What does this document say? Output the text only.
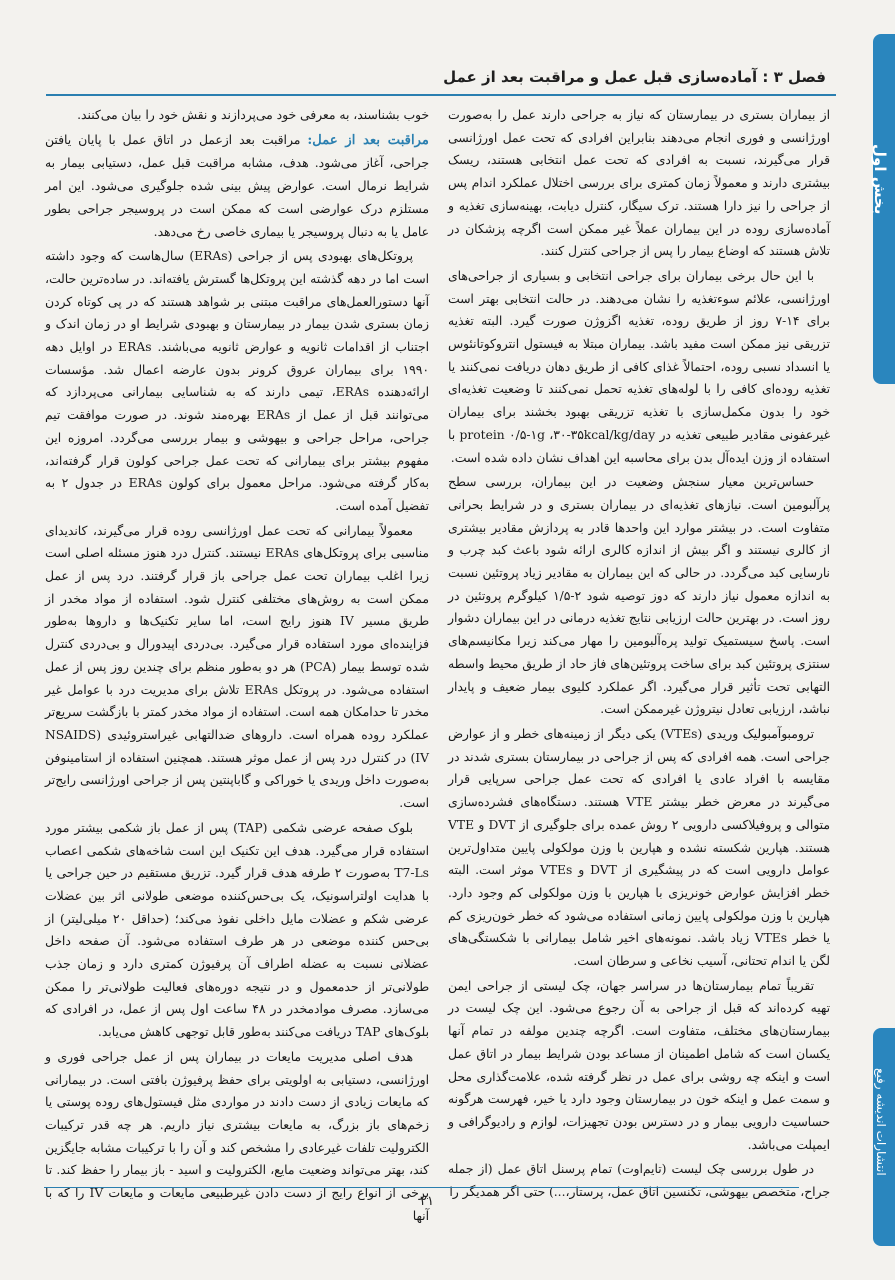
بخش اول
انتشارات اندیشه رفیع
فصل ۳ : آماده‌سازی قبل عمل و مراقبت بعد از عمل

از بیماران بستری در بیمارستان که نیاز به جراحی دارند عمل را به‌صورت اورژانسی و فوری انجام می‌دهند بنابراین افرادی که تحت عمل اورژانسی قرار می‌گیرند، نسبت به افرادی که تحت عمل انتخابی هستند، ریسک بیشتری دارند و معمولاً زمان کمتری برای بررسی اختلال عملکرد اندام پس از جراحی را نیز دارا هستند. ترک سیگار، کنترل دیابت، بهینه‌سازی تغذیه و آماده‌سازی روده در این بیماران عملاً غیر ممکن است اگرچه پزشکان در تلاش هستند که اوضاع بیمار را پس از جراحی کنترل کنند.

با این حال برخی بیماران برای جراحی انتخابی و بسیاری از جراحی‌های اورژانسی، علائم سوءتغذیه را نشان می‌دهند. در حالت انتخابی بهتر است برای ۱۴-۷ روز از طریق روده، تغذیه اگزوژن صورت گیرد. البته تغذیه تزریقی نیز ممکن است مفید باشد. بیماران مبتلا به فیستول انتروکوتانئوس یا انسداد نسبی روده، احتمالاً غذای کافی از طریق دهان دریافت نمی‌کنند یا تغذیه روده‌ای کافی را با لوله‌های تغذیه تحمل نمی‌کنند تا وضعیت تغذیه‌ای خود را بدون مکمل‌سازی با تغذیه تزریقی بهبود بخشند برای بیماران غیرعفونی مقادیر طبیعی تغذیه در protein ۰/۵-۱g ،۳۰-۳۵kcal/kg/day با استفاده از وزن ایده‌آل بدن برای محاسبه این اهداف نشان داده شده است.

حساس‌ترین معیار سنجش وضعیت در این بیماران، بررسی سطح پرآلبومین است. نیازهای تغذیه‌ای در بیماران بستری و در شرایط بحرانی متفاوت است. در بیشتر موارد این واحدها قادر به پردازش مقادیر بیشتری از کالری نیستند و اگر بیش از اندازه کالری ارائه شود باعث کبد چرب و نارسایی کبد می‌گردد. در حالی که این بیماران به مقادیر زیاد پروتئین نسبت به اندازه معمول نیاز دارند که دوز توصیه شود ۲-۱/۵ کیلوگرم پروتئین در روز است. در بهترین حالت ارزیابی نتایج تغذیه درمانی در این بیماران دشوار است. پاسخ سیستمیک تولید پره‌آلبومین را مهار می‌کند زیرا مکانیسم‌های سنتزی پروتئین کبد برای ساخت پروتئین‌های فاز حاد از طریق محیط واسطه التهابی تحت تأثیر قرار می‌گیرد. اگر عملکرد کلیوی بیمار ضعیف و پایدار نباشد، ارزیابی تعادل نیتروژن غیرممکن است.

ترومبوآمبولیک وریدی (VTEs) یکی دیگر از زمینه‌های خطر و از عوارض جراحی است. همه افرادی که پس از جراحی در بیمارستان بستری شدند در مقایسه با افراد عادی یا افرادی که تحت عمل جراحی سرپایی قرار می‌گیرند در معرض خطر بیشتر VTE هستند. دستگاه‌های فشرده‌سازی متوالی و پروفیلاکسی دارویی ۲ روش عمده برای جلوگیری از DVT و VTE هستند. هپارین شکسته نشده و هپارین با وزن مولکولی پایین متداول‌ترین عوامل دارویی است که در پیشگیری از DVT و VTEs موثر است. البته خطر افزایش عوارض خونریزی با هپارین با وزن مولکولی کم وجود دارد. هپارین با وزن مولکولی پایین زمانی استفاده می‌شود که خطر خون‌ریزی کم یا خطر VTEs زیاد باشد. نمونه‌های اخیر شامل بیمارانی با شکستگی‌های لگن یا اندام تحتانی، آسیب نخاعی و سرطان است.

تقریباً تمام بیمارستان‌ها در سراسر جهان، چک لیستی از جراحی ایمن تهیه کرده‌اند که قبل از جراحی به آن رجوع می‌شود. این چک لیست در بیمارستان‌های مختلف، متفاوت است. اگرچه چندین مولفه در تمام آنها یکسان است که شامل اطمینان از مساعد بودن شرایط بیمار در اتاق عمل است و اینکه چه روشی برای عمل در نظر گرفته شده، علامت‌گذاری محل و سمت عمل و اینکه خون در بیمارستان وجود دارد یا خیر، فهرست هرگونه حساسیت دارویی بیمار و در دسترس بودن تجهیزات، لوازم و رادیوگرافی و ایمپلت می‌باشد.

در طول بررسی چک لیست (تایم‌اوت) تمام پرسنل اتاق عمل (از جمله جراح، متخصص بیهوشی، تکنسین اتاق عمل، پرستار،...) حتی اگر همدیگر را

خوب بشناسند، به معرفی خود می‌پردازند و نقش خود را بیان می‌کنند.

مراقبت بعد از عمل: مراقبت بعد ازعمل در اتاق عمل با پایان یافتن جراحی، آغاز می‌شود. هدف، مشابه مراقبت قبل عمل، دستیابی بیمار به شرایط نرمال است. عوارض پیش بینی شده جلوگیری می‌شود. این امر مستلزم درک عوارضی است که ممکن است در پروسیجر جراحی بطور عامل یا به دنبال پروسیجر یا بیماری خاصی رخ می‌دهد.

پروتکل‌های بهبودی پس از جراحی (ERAs) سال‌هاست که وجود داشته است اما در دهه گذشته این پروتکل‌ها گسترش یافته‌اند. در ساده‌ترین حالت، آنها دستورالعمل‌های مراقبت مبتنی بر شواهد هستند که در پی کوتاه کردن زمان بستری شدن بیمار در بیمارستان و بهبودی شرایط او در زمان اندک و اجتناب از اقدامات ثانویه و عوارض ثانویه می‌باشند. ERAs در اوایل دهه ۱۹۹۰ برای بیماران عروق کرونر بدون عارضه اعمال شد. مؤسسات ارائه‌دهنده ERAs، تیمی دارند که به شناسایی بیمارانی می‌پردازد که می‌توانند قبل از عمل از ERAs بهره‌مند شوند. در صورت موافقت تیم جراحی، مراحل جراحی و بیهوشی و بیمار بررسی می‌گردد. امروزه این مفهوم بیشتر برای بیمارانی که تحت عمل جراحی کولون قرار گرفته‌اند، به‌کار گرفته می‌شود. مراحل معمول برای کولون ERAs در جدول ۲ به تفضیل آمده است.

معمولاً بیمارانی که تحت عمل اورژانسی روده قرار می‌گیرند، کاندیدای مناسبی برای پروتکل‌های ERAs نیستند. کنترل درد هنوز مسئله اصلی است زیرا اغلب بیماران تحت عمل جراحی باز قرار گرفتند. درد پس از عمل ممکن است به روش‌های مختلفی کنترل شود. استفاده از مواد مخدر از طریق مسیر IV هنوز رایج است، اما سایر تکنیک‌ها و داروها به‌طور فزاینده‌ای مورد استفاده قرار می‌گیرد. بی‌دردی اپیدورال و بی‌دردی کنترل شده توسط بیمار (PCA) هر دو به‌طور منظم برای چندین روز پس از عمل استفاده می‌شود. در پروتکل ERAs تلاش برای مدیریت درد با عوامل غیر مخدر تا حدامکان همه است. استفاده از مواد مخدر کمتر با بازگشت سریع‌تر عملکرد روده همراه است. داروهای ضدالتهابی غیراستروئیدی (NSAIDS (IV در کنترل درد پس از عمل موثر هستند. همچنین استفاده از استامینوفن به‌صورت داخل وریدی یا خوراکی و گاباپنتین پس از جراحی اورژانسی رایج‌تر است.

بلوک صفحه عرضی شکمی (TAP) پس از عمل باز شکمی بیشتر مورد استفاده قرار می‌گیرد. هدف این تکنیک این است شاخه‌های شکمی اعصاب T7-Ls به‌صورت ۲ طرفه هدف قرار گیرد. تزریق مستقیم در حین جراحی یا با هدایت اولتراسونیک، یک بی‌حس‌کننده موضعی طولانی اثر بین عضلات عرضی شکم و عضلات مایل داخلی نفوذ می‌کند؛ (حداقل ۲۰ میلی‌لیتر) از بی‌حس کننده موضعی در هر طرف استفاده می‌شود. آن صفحه داخل عضلانی نسبت به عضله اطراف آن پرفیوژن کمتری دارد و زمان جذب طولانی‌تر از حدمعمول و در نتیجه دوره‌های فعالیت طولانی‌تر را ممکن می‌سازد. مصرف موادمخدر در ۴۸ ساعت اول پس از عمل، در افرادی که بلوک‌های TAP دریافت می‌کنند به‌طور قابل توجهی کاهش می‌یابد.

هدف اصلی مدیریت مایعات در بیماران پس از عمل جراحی فوری و اورژانسی، دستیابی به اولویتی برای حفظ پرفیوژن بافتی است. در بیمارانی که مایعات زیادی از دست دادند در مواردی مثل فیستول‌های روده پوستی یا زخم‌های باز بزرگ، به مایعات بیشتری نیاز داریم. هر چه قدر ترکیبات الکترولیت تلفات غیرعادی را مشخص کند و آن را با ترکیبات مشابه جایگزین کند، بهتر می‌تواند وضعیت مایع، الکترولیت و اسید - باز بیمار را حفظ کند. تا برخی از انواع رایج از دست دادن غیرطبیعی مایعات و مایعات IV را که با آنها

۲۱
